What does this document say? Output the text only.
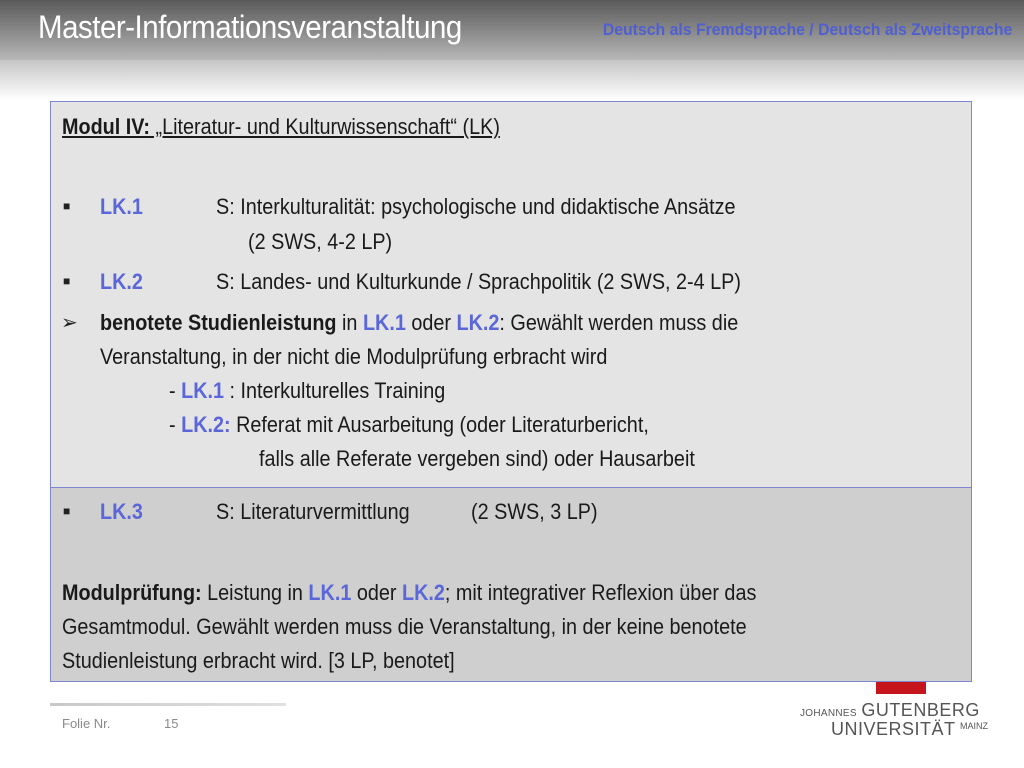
Master-Informationsveranstaltung	Deutsch als Fremdsprache / Deutsch als Zweitsprache
Modul IV: „Literatur- und Kulturwissenschaft“ (LK)
■ LK.1	S: Interkulturalität: psychologische und didaktische Ansätze
(2 SWS, 4-2 LP)
■ LK.2	S: Landes- und Kulturkunde / Sprachpolitik (2 SWS, 2-4 LP)
➢ benotete Studienleistung in LK.1 oder LK.2: Gewählt werden muss die
Veranstaltung, in der nicht die Modulprüfung erbracht wird
- LK.1 : Interkulturelles Training
- LK.2: Referat mit Ausarbeitung (oder Literaturbericht,
falls alle Referate vergeben sind) oder Hausarbeit
■ LK.3	S: Literaturvermittlung	(2 SWS, 3 LP)
Modulprüfung: Leistung in LK.1 oder LK.2; mit integrativer Reflexion über das
Gesamtmodul. Gewählt werden muss die Veranstaltung, in der keine benotete
Studienleistung erbracht wird. [3 LP, benotet]
Folie Nr.	15
JOHANNES GUTENBERG
UNIVERSITÄT $^{MAINZ}$
